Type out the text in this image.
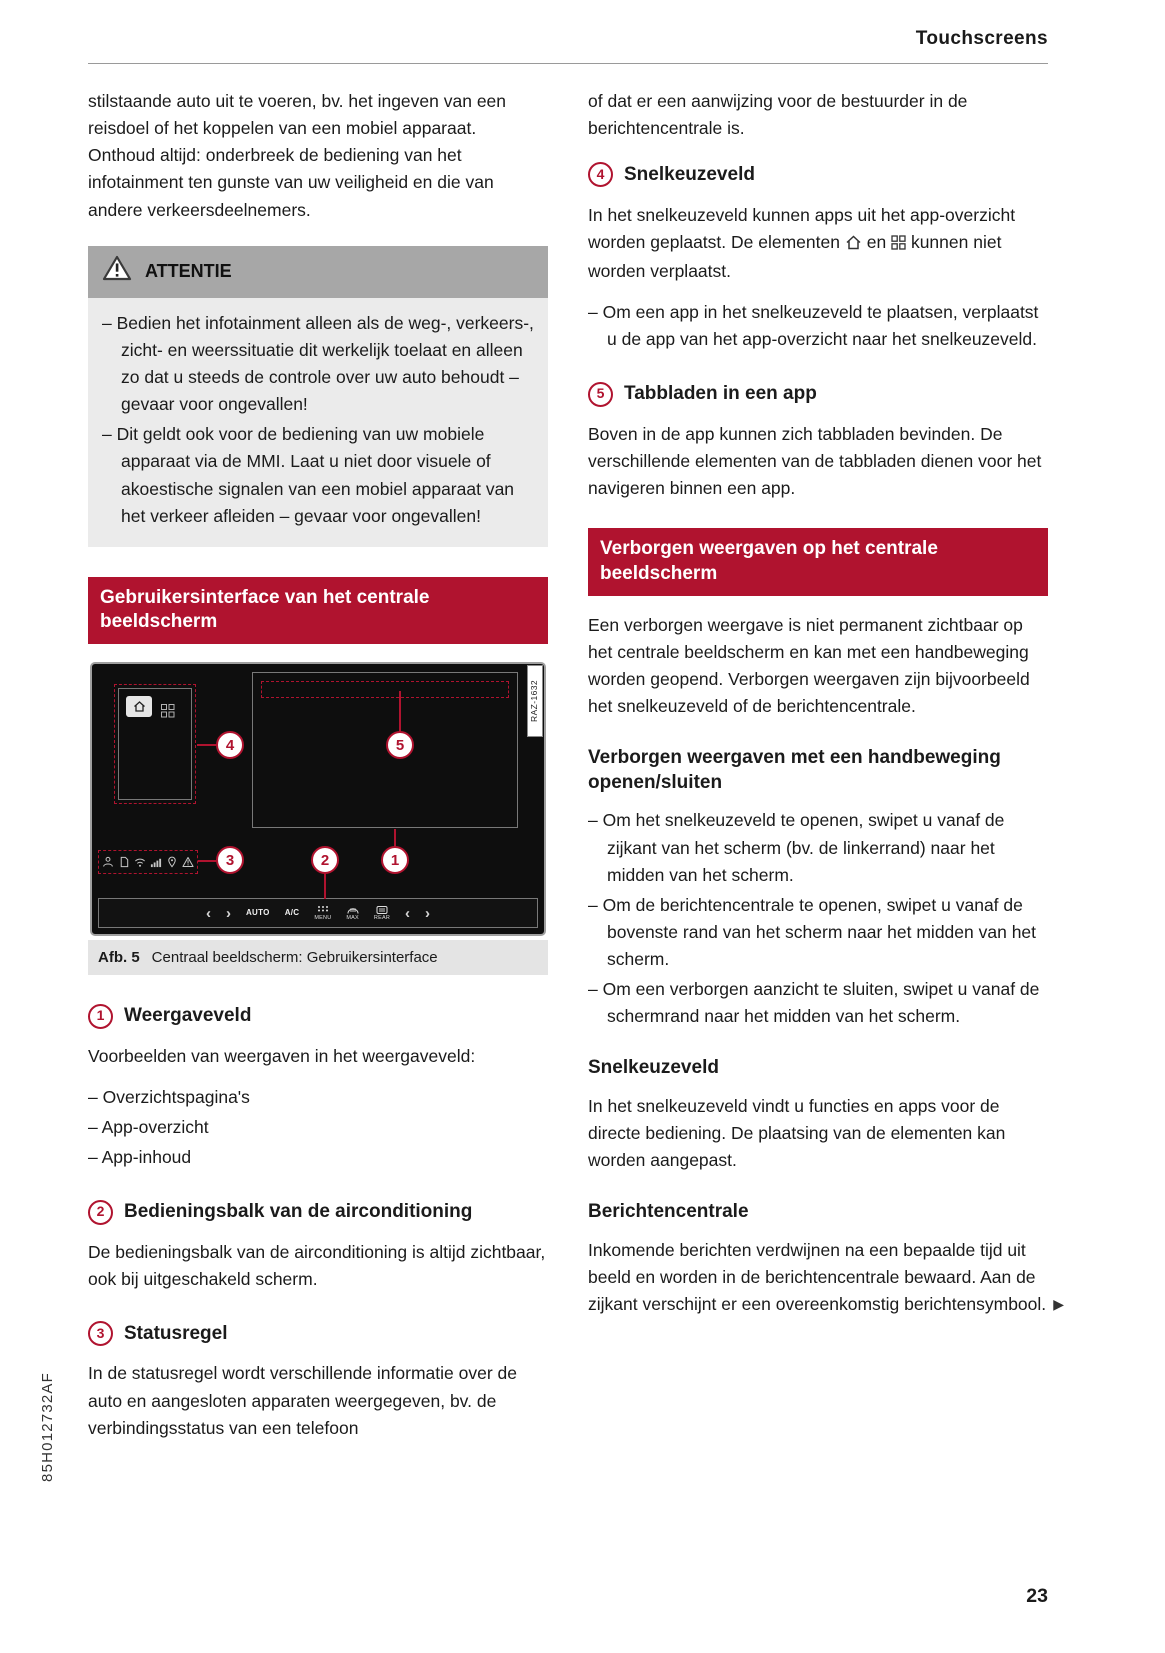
Touchscreens

stilstaande auto uit te voeren, bv. het ingeven van een reisdoel of het koppelen van een mobiel apparaat. Onthoud altijd: onderbreek de bediening van het infotainment ten gunste van uw veiligheid en die van andere verkeersdeelnemers.

ATTENTIE
– Bedien het infotainment alleen als de weg-, verkeers-, zicht- en weerssituatie dit werkelijk toelaat en alleen zo dat u steeds de controle over uw auto behoudt – gevaar voor ongevallen!
– Dit geldt ook voor de bediening van uw mobiele apparaat via de MMI. Laat u niet door visuele of akoestische signalen van een mobiel apparaat van het verkeer afleiden – gevaar voor ongevallen!
Gebruikersinterface van het centrale beeldscherm
‹ › AUTO A/C
MENU	MAX	REAR ‹ ›
4	5
3	2	1
RAZ-1632
Afb. 5 Centraal beeldscherm: Gebruikersinterface
1	Weergaveveld

Voorbeelden van weergaven in het weergaveveld:

– Overzichtspagina's
– App-overzicht
– App-inhoud
2	Bedieningsbalk van de airconditioning

De bedieningsbalk van de airconditioning is altijd zichtbaar, ook bij uitgeschakeld scherm.

3	Statusregel

In de statusregel wordt verschillende informatie over de auto en aangesloten apparaten weergegeven, bv. de verbindingsstatus van een telefoon

of dat er een aanwijzing voor de bestuurder in de berichtencentrale is.

4	Snelkeuzeveld

In het snelkeuzeveld kunnen apps uit het app-overzicht worden geplaatst. De elementen en kunnen niet worden verplaatst.

– Om een app in het snelkeuzeveld te plaatsen, verplaatst u de app van het app-overzicht naar het snelkeuzeveld.
5	Tabbladen in een app

Boven in de app kunnen zich tabbladen bevinden. De verschillende elementen van de tabbladen dienen voor het navigeren binnen een app.

Verborgen weergaven op het centrale beeldscherm

Een verborgen weergave is niet permanent zichtbaar op het centrale beeldscherm en kan met een handbeweging worden geopend. Verborgen weergaven zijn bijvoorbeeld het snelkeuzeveld of de berichtencentrale.

Verborgen weergaven met een handbeweging openen/sluiten
– Om het snelkeuzeveld te openen, swipet u vanaf de zijkant van het scherm (bv. de linkerrand) naar het midden van het scherm.
– Om de berichtencentrale te openen, swipet u vanaf de bovenste rand van het scherm naar het midden van het scherm.
– Om een verborgen aanzicht te sluiten, swipet u vanaf de schermrand naar het midden van het scherm.
Snelkeuzeveld

In het snelkeuzeveld vindt u functies en apps voor de directe bediening. De plaatsing van de elementen kan worden aangepast.

Berichtencentrale

Inkomende berichten verdwijnen na een bepaalde tijd uit beeld en worden in de berichtencentrale bewaard. Aan de zijkant verschijnt er een overeenkomstig berichtensymbool. ▶
85H012732AF
23
